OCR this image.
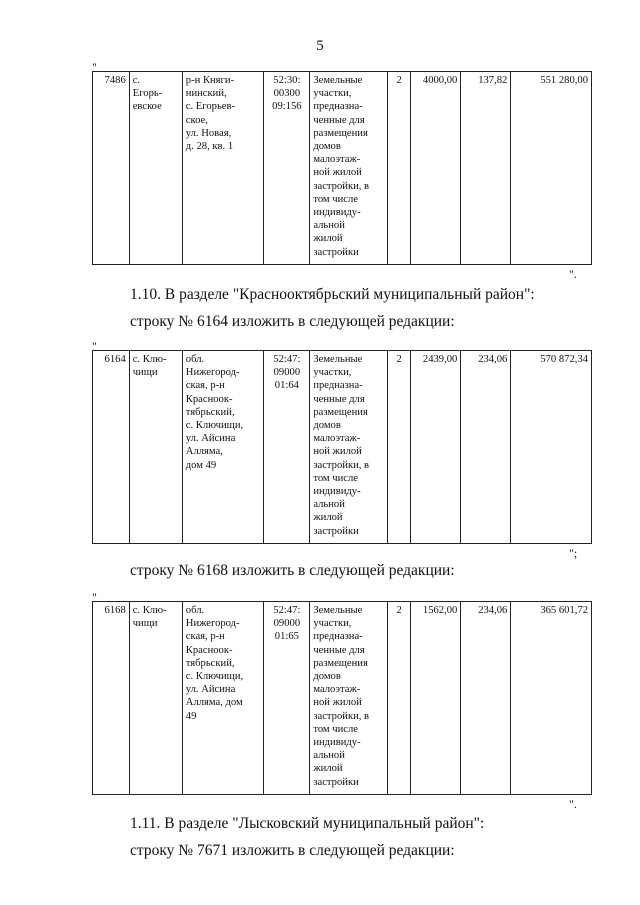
5
"
7486	с.
Егорь-
евское

р-н Княги-
нинский,
с. Егорьев-
ское,
ул. Новая,
д. 28, кв. 1

52:30:
00300
09:156

Земельные
участки,
предназна-
ченные для
размещения
домов
малоэтаж-
ной жилой
застройки, в
том числе
индивиду-
альной
жилой
застройки
	2	4000,00	137,82	551 280,00
".
1.10. В разделе "Краснооктябрьский муниципальный район":
строку № 6164 изложить в следующей редакции:
"
6164	с. Клю-
чищи

обл.
Нижегород-
ская, р-н
Красноок-
тябрьский,
с. Ключищи,
ул. Айсина
Алляма,
дом 49

52:47:
09000
01:64

Земельные
участки,
предназна-
ченные для
размещения
домов
малоэтаж-
ной жилой
застройки, в
том числе
индивиду-
альной
жилой
застройки
	2	2439,00	234,06	570 872,34
";
строку № 6168 изложить в следующей редакции:
"
6168	с. Клю-
чищи

обл.
Нижегород-
ская, р-н
Красноок-
тябрьский,
с. Ключищи,
ул. Айсина
Алляма, дом
49

52:47:
09000
01:65

Земельные
участки,
предназна-
ченные для
размещения
домов
малоэтаж-
ной жилой
застройки, в
том числе
индивиду-
альной
жилой
застройки
	2	1562,00	234,06	365 601,72
".
1.11. В разделе "Лысковский муниципальный район":
строку № 7671 изложить в следующей редакции:
